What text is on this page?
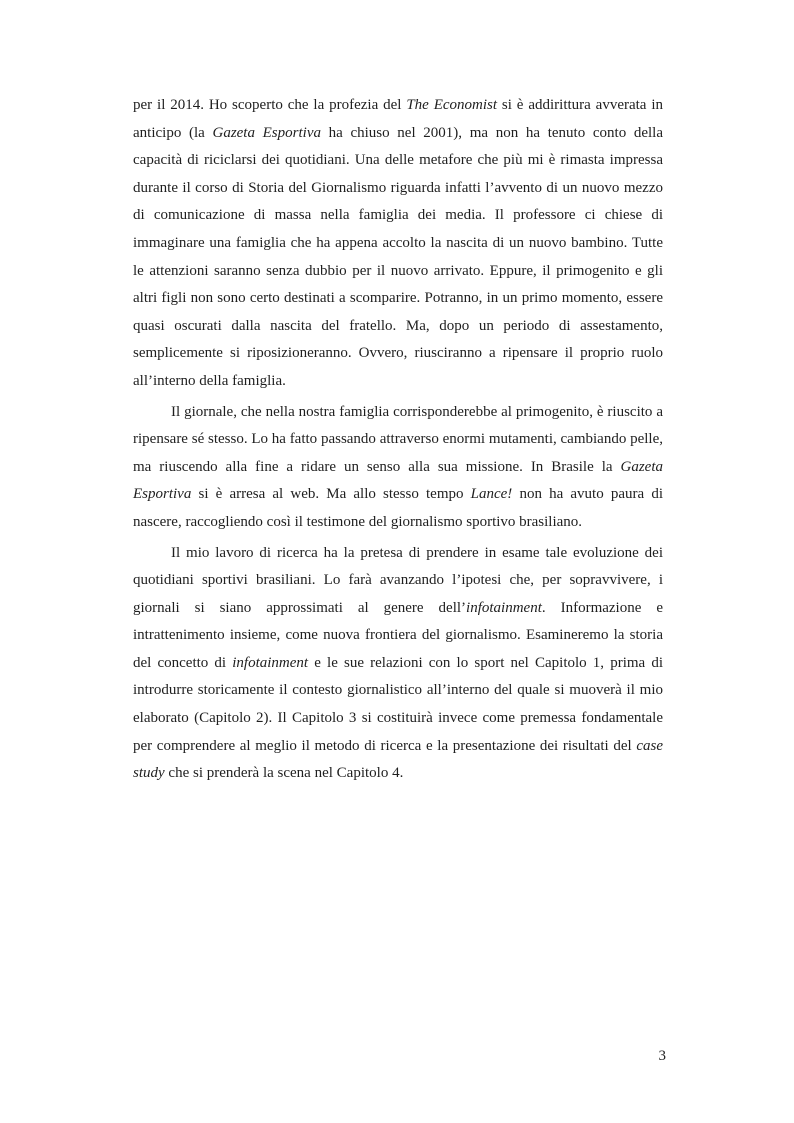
per il 2014. Ho scoperto che la profezia del The Economist si è addirittura avverata in anticipo (la Gazeta Esportiva ha chiuso nel 2001), ma non ha tenuto conto della capacità di riciclarsi dei quotidiani. Una delle metafore che più mi è rimasta impressa durante il corso di Storia del Giornalismo riguarda infatti l’avvento di un nuovo mezzo di comunicazione di massa nella famiglia dei media. Il professore ci chiese di immaginare una famiglia che ha appena accolto la nascita di un nuovo bambino. Tutte le attenzioni saranno senza dubbio per il nuovo arrivato. Eppure, il primogenito e gli altri figli non sono certo destinati a scomparire. Potranno, in un primo momento, essere quasi oscurati dalla nascita del fratello. Ma, dopo un periodo di assestamento, semplicemente si riposizioneranno. Ovvero, riusciranno a ripensare il proprio ruolo all’interno della famiglia.

Il giornale, che nella nostra famiglia corrisponderebbe al primogenito, è riuscito a ripensare sé stesso. Lo ha fatto passando attraverso enormi mutamenti, cambiando pelle, ma riuscendo alla fine a ridare un senso alla sua missione. In Brasile la Gazeta Esportiva si è arresa al web. Ma allo stesso tempo Lance! non ha avuto paura di nascere, raccogliendo così il testimone del giornalismo sportivo brasiliano.

Il mio lavoro di ricerca ha la pretesa di prendere in esame tale evoluzione dei quotidiani sportivi brasiliani. Lo farà avanzando l’ipotesi che, per sopravvivere, i giornali si siano approssimati al genere dell’infotainment. Informazione e intrattenimento insieme, come nuova frontiera del giornalismo. Esamineremo la storia del concetto di infotainment e le sue relazioni con lo sport nel Capitolo 1, prima di introdurre storicamente il contesto giornalistico all’interno del quale si muoverà il mio elaborato (Capitolo 2). Il Capitolo 3 si costituirà invece come premessa fondamentale per comprendere al meglio il metodo di ricerca e la presentazione dei risultati del case study che si prenderà la scena nel Capitolo 4.

3
